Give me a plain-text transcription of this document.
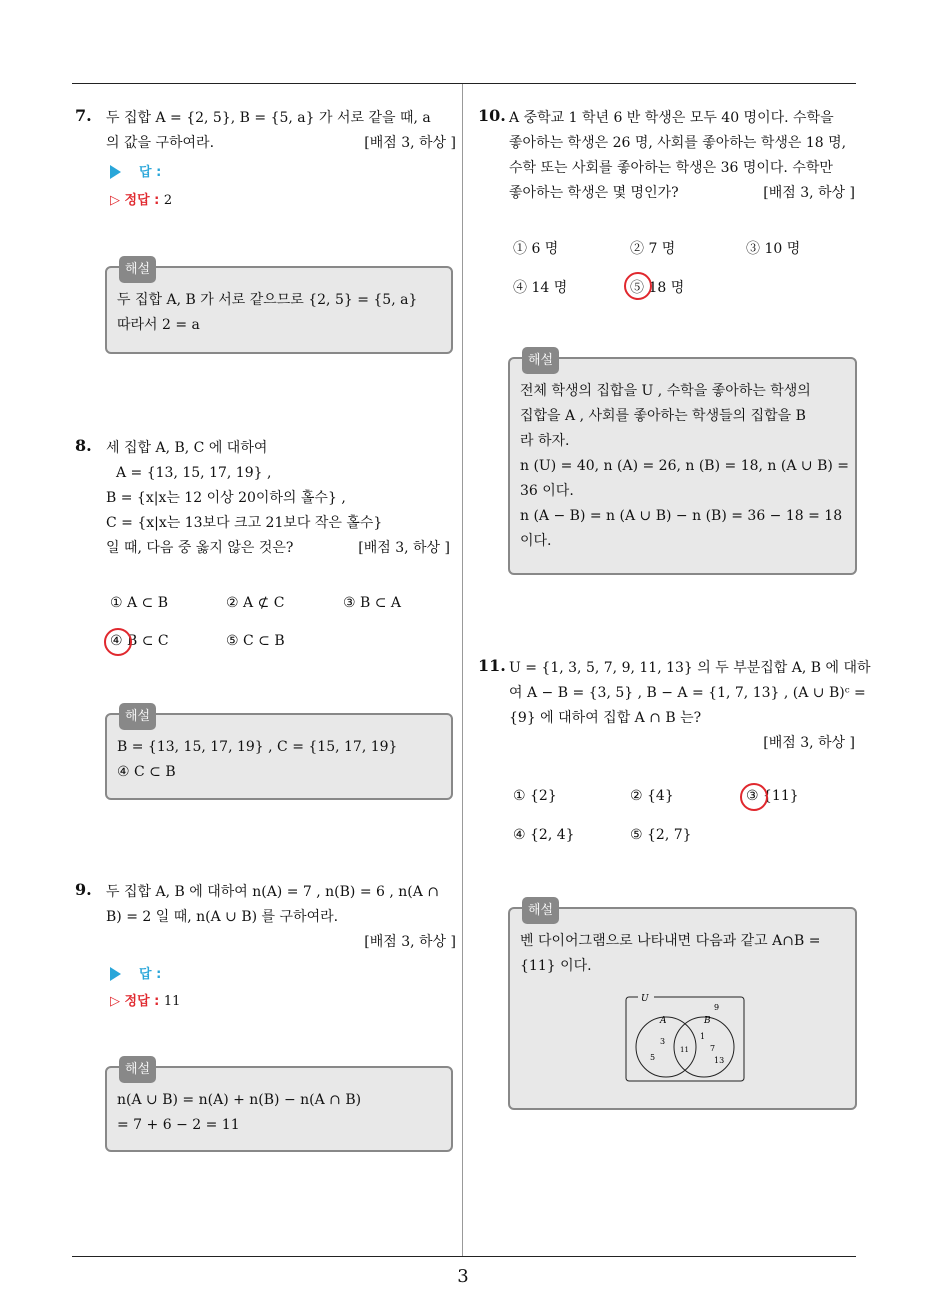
3
7. 두 집합 A = {2, 5}, B = {5, a} 가 서로 같을 때, a
의 값을 구하여라.	[배점 3, 하상 ]
답 :
▷ 정답 : 2
해설
두 집합 A, B 가 서로 같으므로 {2, 5} = {5, a}
따라서 2 = a
8. 세 집합 A, B, C 에 대하여
A = {13, 15, 17, 19} ,
B = {x|x는 12 이상 20이하의 홀수} ,
C = {x|x는 13보다 크고 21보다 작은 홀수}
일 때, 다음 중 옳지 않은 것은?	[배점 3, 하상 ]
① A ⊂ B	② A ⊄ C	③ B ⊂ A
④ B ⊂ C	⑤ C ⊂ B
해설
B = {13, 15, 17, 19} , C = {15, 17, 19}
④ C ⊂ B
9. 두 집합 A, B 에 대하여 n(A) = 7 , n(B) = 6 , n(A ∩
B) = 2 일 때, n(A ∪ B) 를 구하여라.
[배점 3, 하상 ]
답 :
▷ 정답 : 11
해설
n(A ∪ B) = n(A) + n(B) − n(A ∩ B)
= 7 + 6 − 2 = 11
10. A 중학교 1 학년 6 반 학생은 모두 40 명이다. 수학을
좋아하는 학생은 26 명, 사회를 좋아하는 학생은 18 명,
수학 또는 사회를 좋아하는 학생은 36 명이다. 수학만
좋아하는 학생은 몇 명인가?	[배점 3, 하상 ]
① 6 명	② 7 명	③ 10 명
④ 14 명	⑤ 18 명
해설
전체 학생의 집합을 U , 수학을 좋아하는 학생의
집합을 A , 사회를 좋아하는 학생들의 집합을 B
라 하자.
n (U) = 40, n (A) = 26, n (B) = 18, n (A ∪ B) =
36 이다.
n (A − B) = n (A ∪ B) − n (B) = 36 − 18 = 18
이다.
11. U = {1, 3, 5, 7, 9, 11, 13} 의 두 부분집합 A, B 에 대하
여 A − B = {3, 5} , B − A = {1, 7, 13} , (A ∪ B)ᶜ =
{9} 에 대하여 집합 A ∩ B 는?
[배점 3, 하상 ]
① {2}	② {4}	③ {11}
④ {2, 4}	⑤ {2, 7}
해설
벤 다이어그램으로 나타내면 다음과 같고 A∩B =
{11} 이다.
U
A	B
9
3
5
11
1
7
13
